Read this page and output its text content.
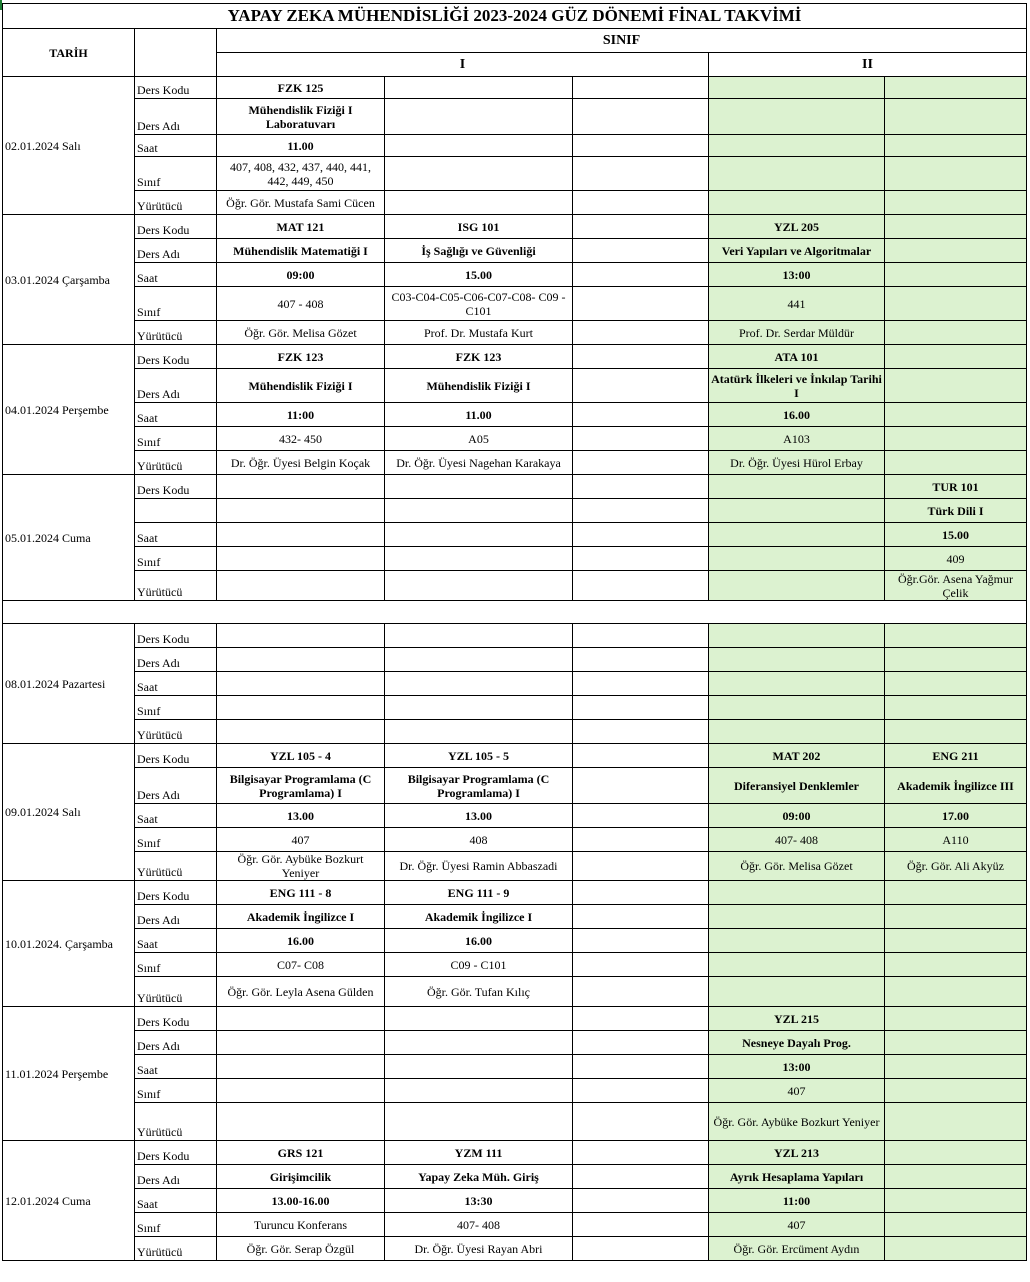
YAPAY ZEKA MÜHENDİSLİĞİ 2023-2024 GÜZ DÖNEMİ FİNAL TAKVİMİ						
TARİH		SINIF				
		I			II	
02.01.2024 Salı	Ders Kodu	FZK 125				
	Ders Adı	Mühendislik Fiziği I Laboratuvarı				
	Saat	11.00				
	Sınıf	407, 408, 432, 437, 440, 441, 442, 449, 450				
	Yürütücü	Öğr. Gör. Mustafa Sami Cücen				
03.01.2024 Çarşamba	Ders Kodu	MAT 121	ISG 101		YZL 205	
	Ders Adı	Mühendislik Matematiği I	İş Sağlığı ve Güvenliği		Veri Yapıları ve Algoritmalar	
	Saat	09:00	15.00		13:00	
	Sınıf	407 - 408	C03-C04-C05-C06-C07-C08- C09 - C101		441	
	Yürütücü	Öğr. Gör. Melisa Gözet	Prof. Dr. Mustafa Kurt		Prof. Dr. Serdar Müldür	
04.01.2024 Perşembe	Ders Kodu	FZK 123	FZK 123		ATA 101	
	Ders Adı	Mühendislik Fiziği I	Mühendislik Fiziği I		Atatürk İlkeleri ve İnkılap Tarihi I	
	Saat	11:00	11.00		16.00	
	Sınıf	432- 450	A05		A103	
	Yürütücü	Dr. Öğr. Üyesi Belgin Koçak	Dr. Öğr. Üyesi Nagehan Karakaya		Dr. Öğr. Üyesi Hürol Erbay	
05.01.2024 Cuma	Ders Kodu					TUR 101
						Türk Dili I
	Saat					15.00
	Sınıf					409
	Yürütücü					Öğr.Gör. Asena Yağmur Çelik

08.01.2024 Pazartesi	Ders Kodu					
	Ders Adı					
	Saat					
	Sınıf					
	Yürütücü					
09.01.2024 Salı	Ders Kodu	YZL 105 - 4	YZL 105 - 5		MAT 202	ENG 211
	Ders Adı	Bilgisayar Programlama (C Programlama) I	Bilgisayar Programlama (C Programlama) I		Diferansiyel Denklemler	Akademik İngilizce III
	Saat	13.00	13.00		09:00	17.00
	Sınıf	407	408		407- 408	A110
	Yürütücü	Öğr. Gör. Aybüke Bozkurt Yeniyer	Dr. Öğr. Üyesi Ramin Abbaszadi		Öğr. Gör. Melisa Gözet	Öğr. Gör. Ali Akyüz
10.01.2024. Çarşamba	Ders Kodu	ENG 111 - 8	ENG 111 - 9			
	Ders Adı	Akademik İngilizce I	Akademik İngilizce I			
	Saat	16.00	16.00			
	Sınıf	C07- C08	C09 - C101			
	Yürütücü	Öğr. Gör. Leyla Asena Gülden	Öğr. Gör. Tufan Kılıç			
11.01.2024 Perşembe	Ders Kodu				YZL 215	
	Ders Adı				Nesneye Dayalı Prog.	
	Saat				13:00	
	Sınıf				407	
	Yürütücü				Öğr. Gör. Aybüke Bozkurt Yeniyer	
12.01.2024 Cuma	Ders Kodu	GRS 121	YZM 111		YZL 213	
	Ders Adı	Girişimcilik	Yapay Zeka Müh. Giriş		Ayrık Hesaplama Yapıları	
	Saat	13.00-16.00	13:30		11:00	
	Sınıf	Turuncu Konferans	407- 408		407	
	Yürütücü	Öğr. Gör. Serap Özgül	Dr. Öğr. Üyesi Rayan Abri		Öğr. Gör. Ercüment Aydın	
